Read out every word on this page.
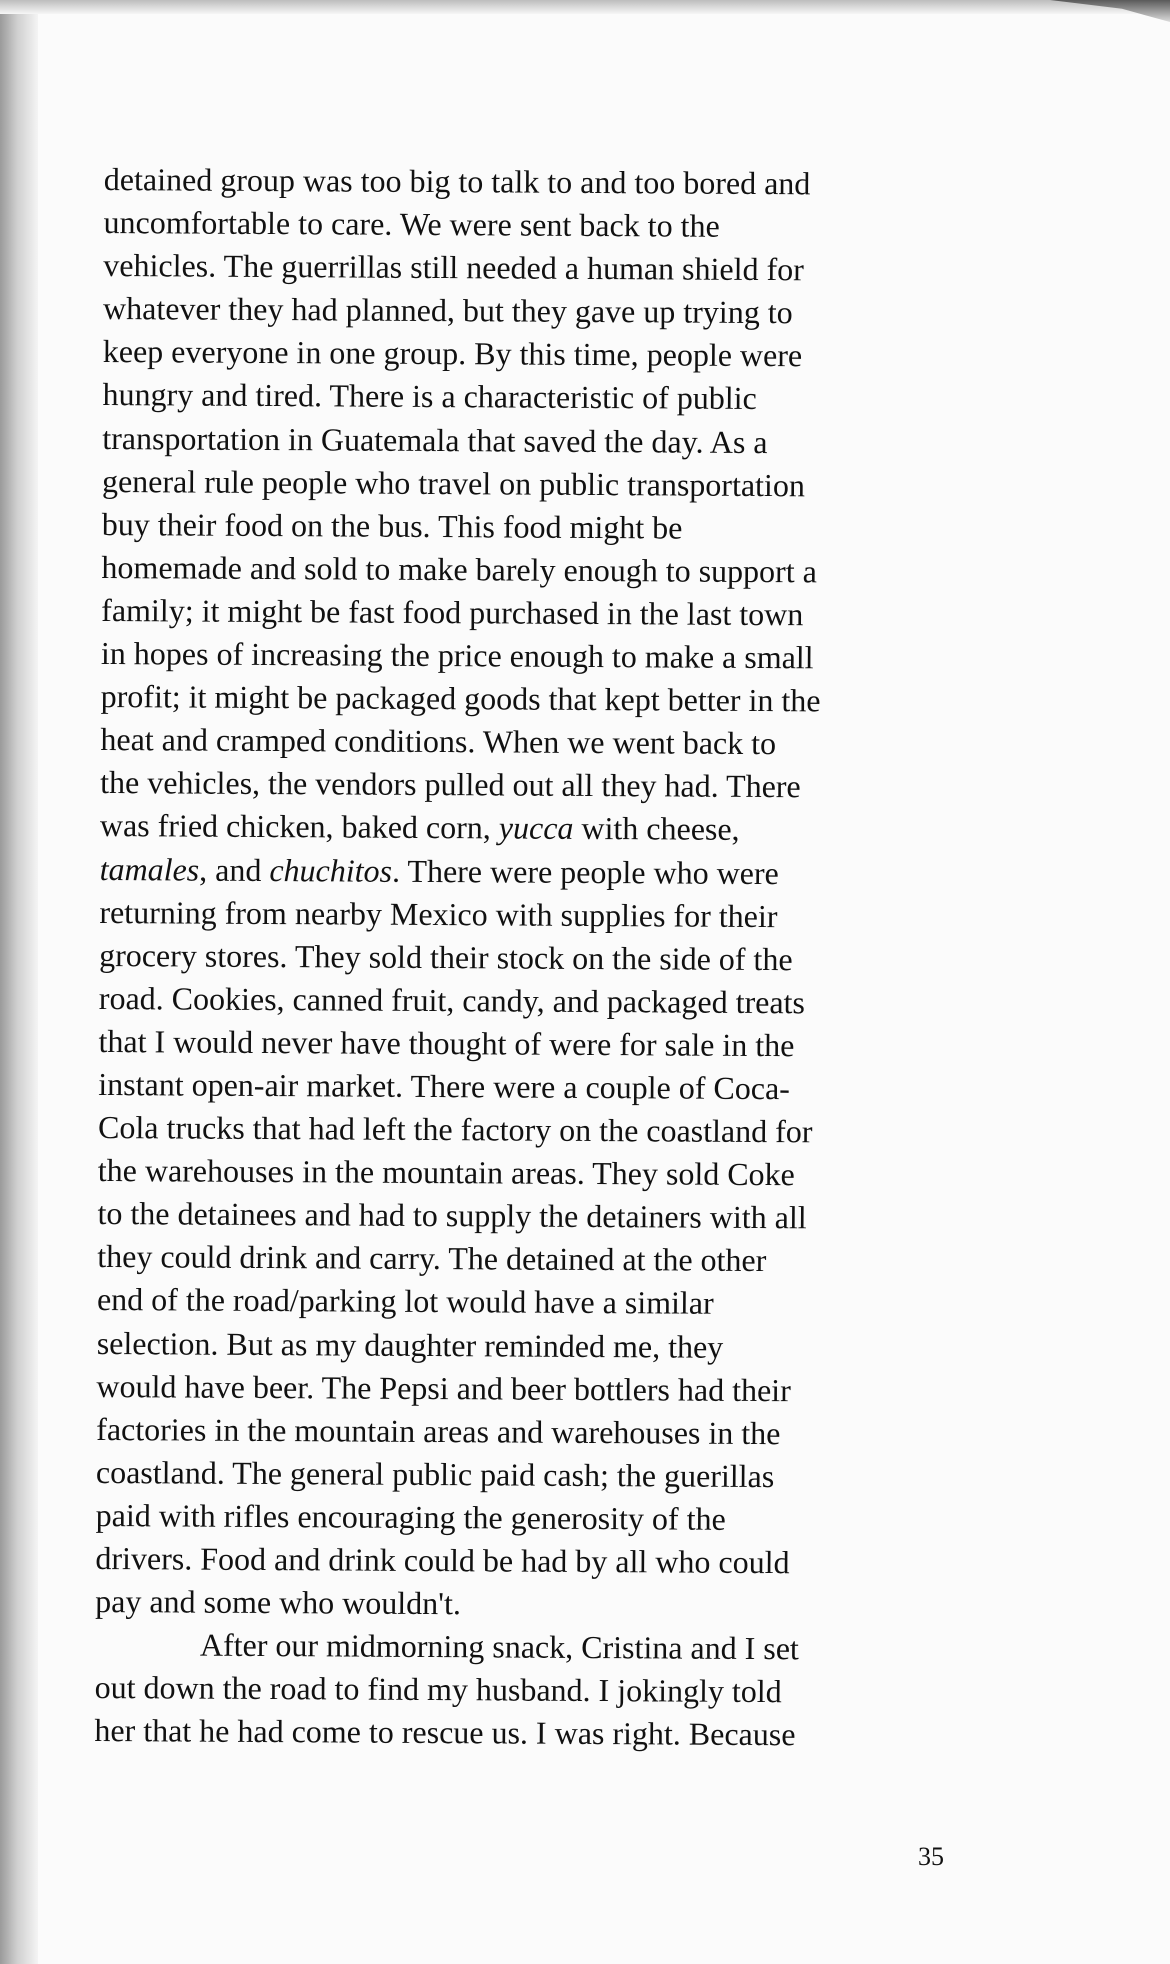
detained group was too big to talk to and too bored and
uncomfortable to care. We were sent back to the
vehicles. The guerrillas still needed a human shield for
whatever they had planned, but they gave up trying to
keep everyone in one group. By this time, people were
hungry and tired. There is a characteristic of public
transportation in Guatemala that saved the day. As a
general rule people who travel on public transportation
buy their food on the bus. This food might be
homemade and sold to make barely enough to support a
family; it might be fast food purchased in the last town
in hopes of increasing the price enough to make a small
profit; it might be packaged goods that kept better in the
heat and cramped conditions. When we went back to
the vehicles, the vendors pulled out all they had. There
was fried chicken, baked corn, yucca with cheese,
tamales, and chuchitos. There were people who were
returning from nearby Mexico with supplies for their
grocery stores. They sold their stock on the side of the
road. Cookies, canned fruit, candy, and packaged treats
that I would never have thought of were for sale in the
instant open-air market. There were a couple of Coca-
Cola trucks that had left the factory on the coastland for
the warehouses in the mountain areas. They sold Coke
to the detainees and had to supply the detainers with all
they could drink and carry. The detained at the other
end of the road/parking lot would have a similar
selection. But as my daughter reminded me, they
would have beer. The Pepsi and beer bottlers had their
factories in the mountain areas and warehouses in the
coastland. The general public paid cash; the guerillas
paid with rifles encouraging the generosity of the
drivers. Food and drink could be had by all who could
pay and some who wouldn't.
After our midmorning snack, Cristina and I set
out down the road to find my husband. I jokingly told
her that he had come to rescue us. I was right. Because
35
